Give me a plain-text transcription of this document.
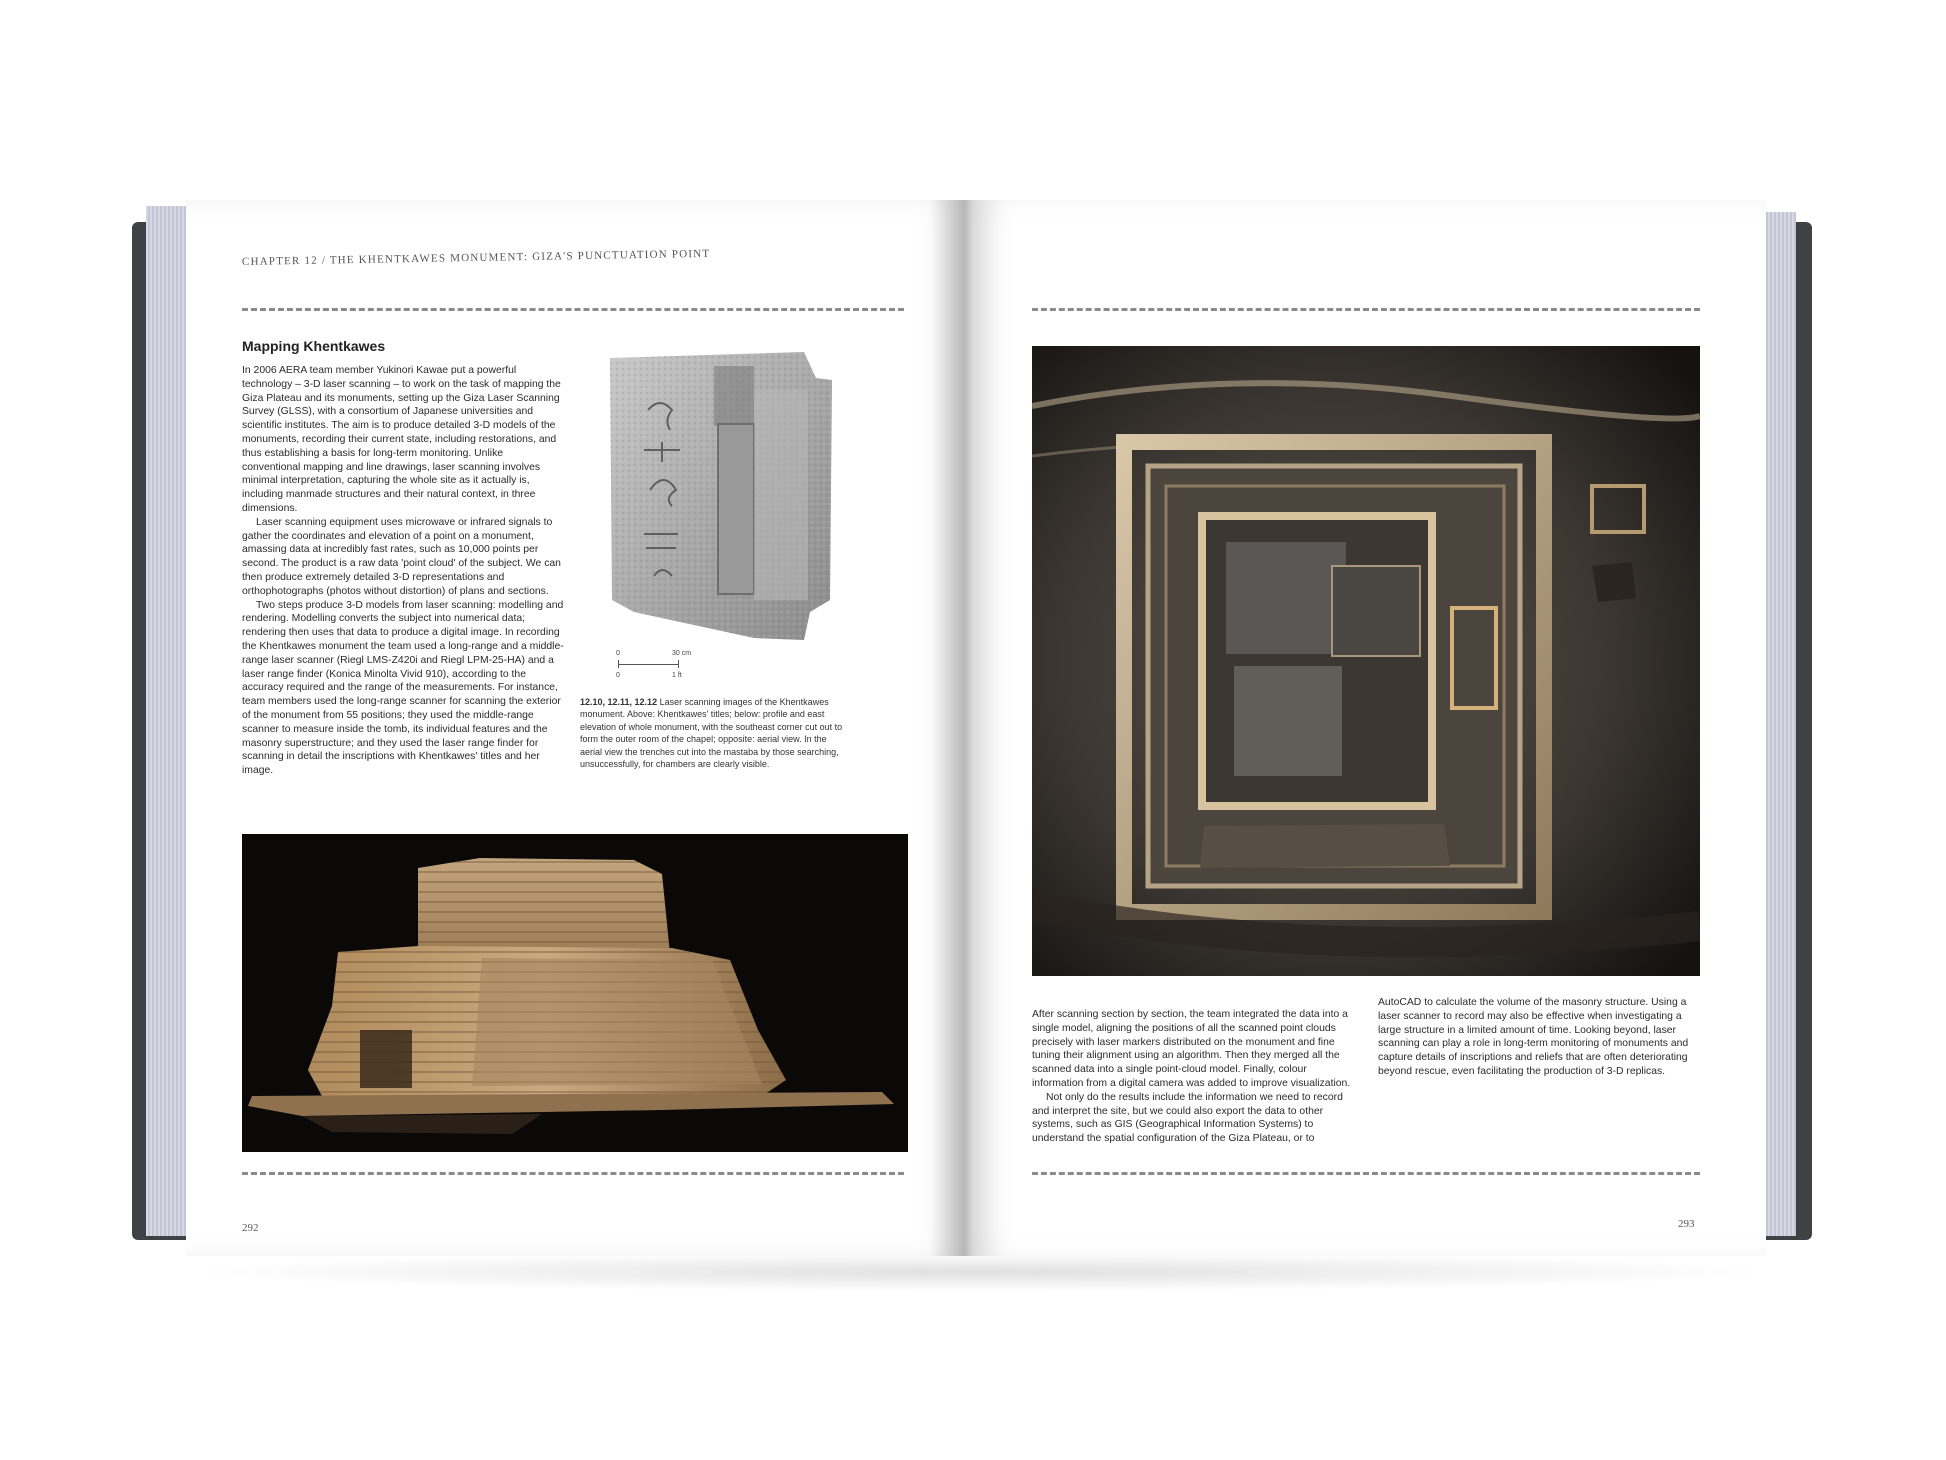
CHAPTER 12 / THE KHENTKAWES MONUMENT: GIZA'S PUNCTUATION POINT
Mapping Khentkawes

In 2006 AERA team member Yukinori Kawae put a powerful technology – 3-D laser scanning – to work on the task of mapping the Giza Plateau and its monuments, setting up the Giza Laser Scanning Survey (GLSS), with a consortium of Japanese universities and scientific institutes. The aim is to produce detailed 3-D models of the monuments, recording their current state, including restorations, and thus establishing a basis for long-term monitoring. Unlike conventional mapping and line drawings, laser scanning involves minimal interpretation, capturing the whole site as it actually is, including manmade structures and their natural context, in three dimensions.

Laser scanning equipment uses microwave or infrared signals to gather the coordinates and elevation of a point on a monument, amassing data at incredibly fast rates, such as 10,000 points per second. The product is a raw data 'point cloud' of the subject. We can then produce extremely detailed 3-D representations and orthophotographs (photos without distortion) of plans and sections.

Two steps produce 3-D models from laser scanning: modelling and rendering. Modelling converts the subject into numerical data; rendering then uses that data to produce a digital image. In recording the Khentkawes monument the team used a long-range and a middle-range laser scanner (Riegl LMS-Z420i and Riegl LPM-25-HA) and a laser range finder (Konica Minolta Vivid 910), according to the accuracy required and the range of the measurements. For instance, team members used the long-range scanner for scanning the exterior of the monument from 55 positions; they used the middle-range scanner to measure inside the tomb, its individual features and the masonry superstructure; and they used the laser range finder for scanning in detail the inscriptions with Khentkawes' titles and her image.

0	30 cm
0	1 ft
12.10, 12.11, 12.12 Laser scanning images of the Khentkawes monument. Above: Khentkawes' titles; below: profile and east elevation of whole monument, with the southeast corner cut out to form the outer room of the chapel; opposite: aerial view. In the aerial view the trenches cut into the mastaba by those searching, unsuccessfully, for chambers are clearly visible.
292

After scanning section by section, the team integrated the data into a single model, aligning the positions of all the scanned point clouds precisely with laser markers distributed on the monument and fine tuning their alignment using an algorithm. Then they merged all the scanned data into a single point-cloud model. Finally, colour information from a digital camera was added to improve visualization.

Not only do the results include the information we need to record and interpret the site, but we could also export the data to other systems, such as GIS (Geographical Information Systems) to understand the spatial configuration of the Giza Plateau, or to

AutoCAD to calculate the volume of the masonry structure. Using a laser scanner to record may also be effective when investigating a large structure in a limited amount of time. Looking beyond, laser scanning can play a role in long-term monitoring of monuments and capture details of inscriptions and reliefs that are often deteriorating beyond rescue, even facilitating the production of 3-D replicas.

293
